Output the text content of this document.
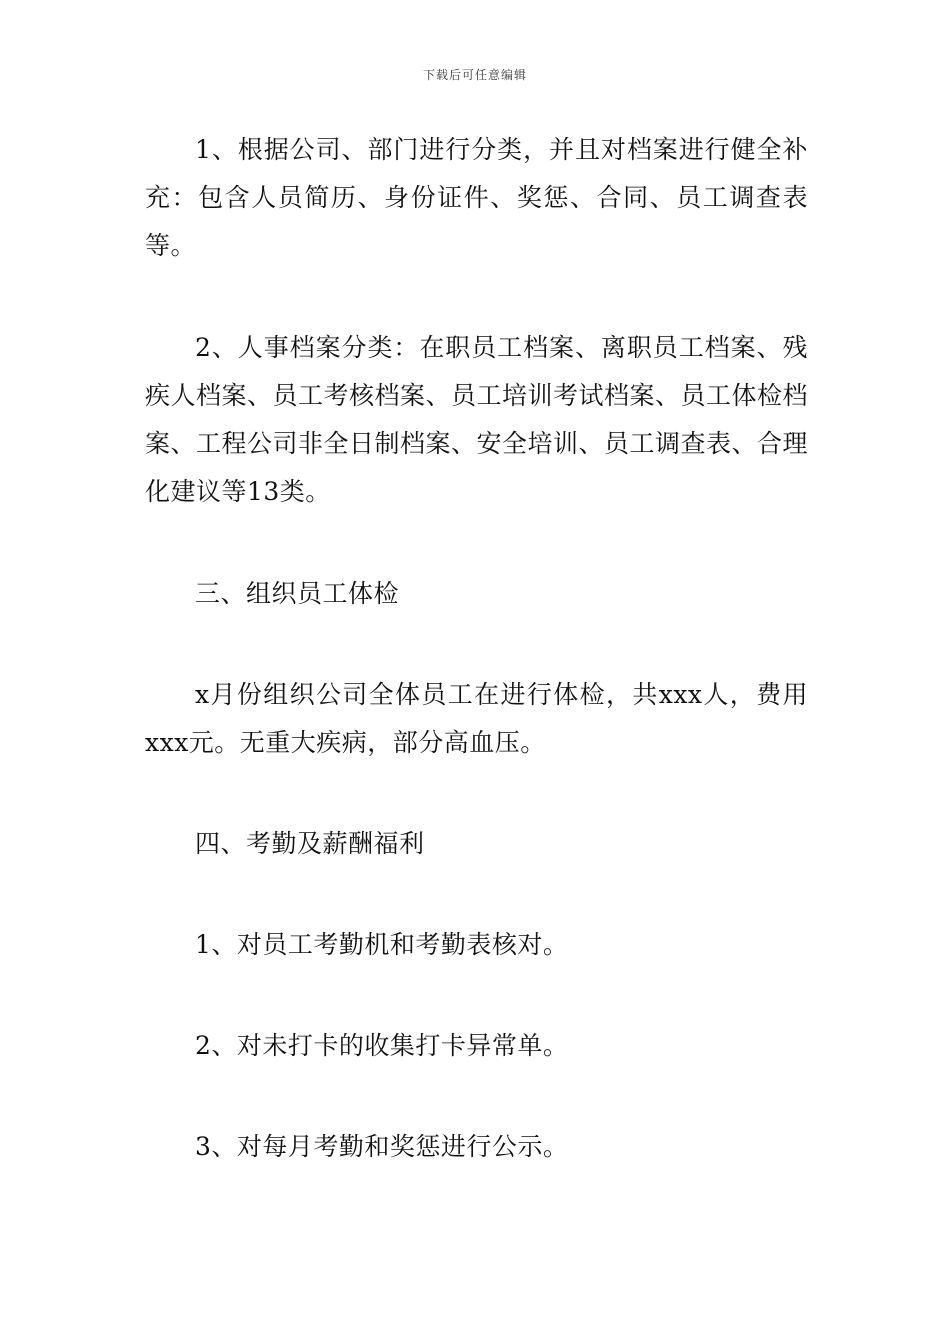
下载后可任意编辑

1、根据公司、部门进行分类，并且对档案进行健全补充：包含人员简历、身份证件、奖惩、合同、员工调查表等。

2、人事档案分类：在职员工档案、离职员工档案、残疾人档案、员工考核档案、员工培训考试档案、员工体检档案、工程公司非全日制档案、安全培训、员工调查表、合理化建议等13类。

三、组织员工体检

x月份组织公司全体员工在进行体检，共xxx人，费用xxx元。无重大疾病，部分高血压。

四、考勤及薪酬福利

1、对员工考勤机和考勤表核对。

2、对未打卡的收集打卡异常单。

3、对每月考勤和奖惩进行公示。
